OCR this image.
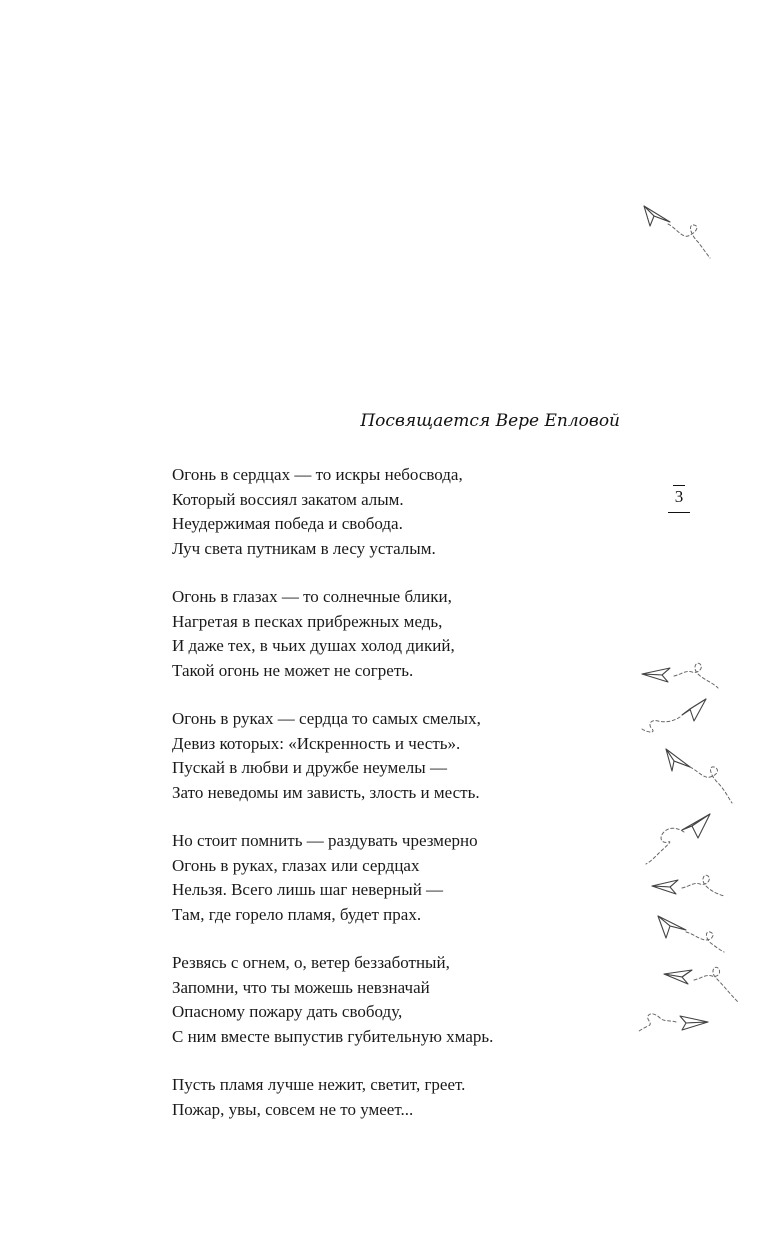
Посвящается Вере Епловой

3
Огонь в сердцах — то искры небосвода,
Который воссиял закатом алым.
Неудержимая победа и свобода.
Луч света путникам в лесу усталым.
Огонь в глазах — то солнечные блики,
Нагретая в песках прибрежных медь,
И даже тех, в чьих душах холод дикий,
Такой огонь не может не согреть.
Огонь в руках — сердца то самых смелых,
Девиз которых: «Искренность и честь».
Пускай в любви и дружбе неумелы —
Зато неведомы им зависть, злость и месть.
Но стоит помнить — раздувать чрезмерно
Огонь в руках, глазах или сердцах
Нельзя. Всего лишь шаг неверный —
Там, где горело пламя, будет прах.
Резвясь с огнем, о, ветер беззаботный,
Запомни, что ты можешь невзначай
Опасному пожару дать свободу,
С ним вместе выпустив губительную хмарь.
Пусть пламя лучше нежит, светит, греет.
Пожар, увы, совсем не то умеет...
